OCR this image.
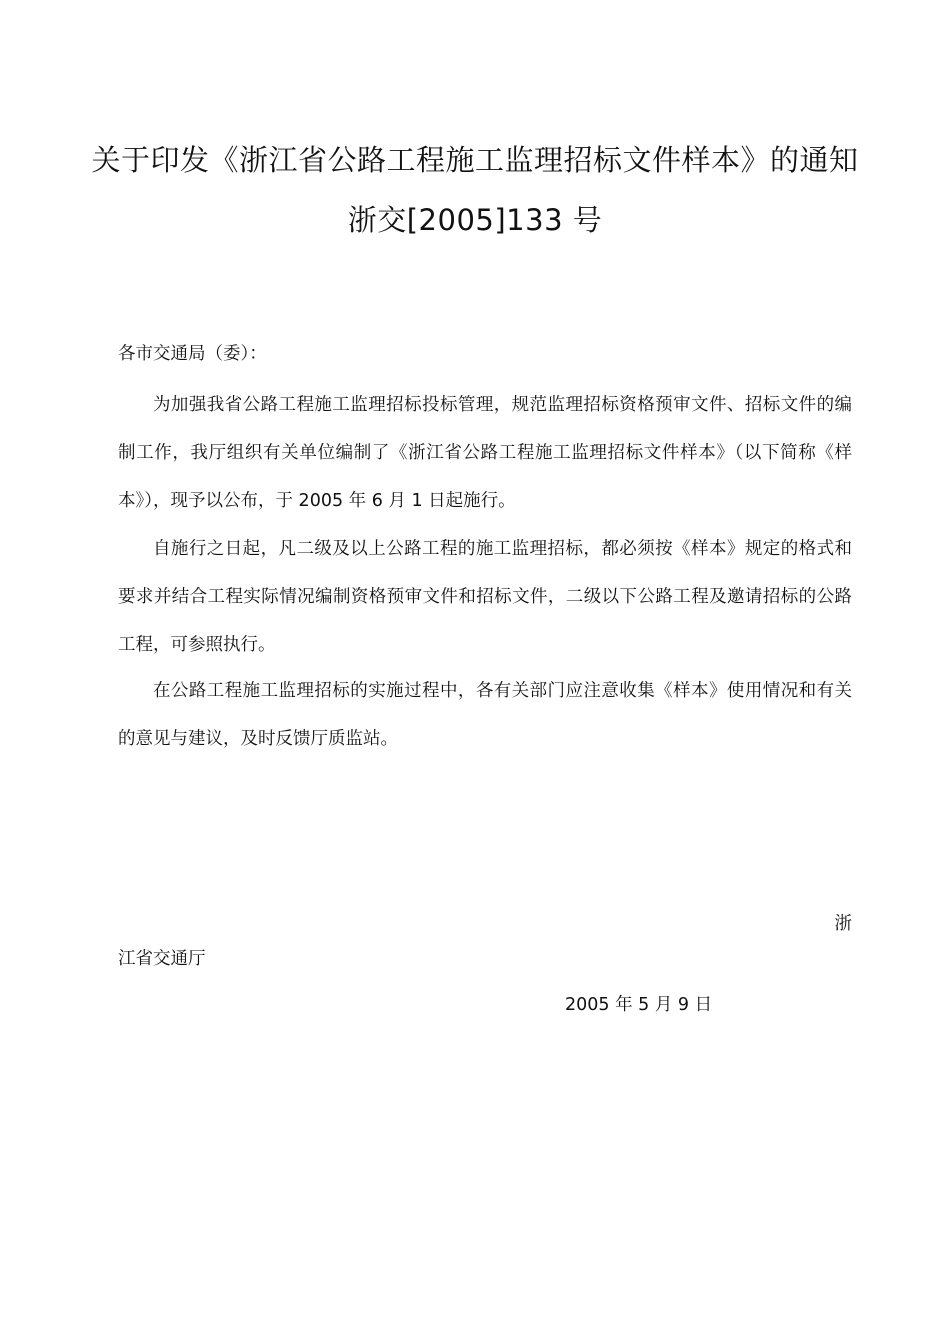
关于印发《浙江省公路工程施工监理招标文件样本》的通知
浙交[2005]133 号
各市交通局（委）：
为加强我省公路工程施工监理招标投标管理，规范监理招标资格预审文件、招标文件的编制工作，我厅组织有关单位编制了《浙江省公路工程施工监理招标文件样本》（以下简称《样本》），现予以公布，于 2005 年 6 月 1 日起施行。
自施行之日起，凡二级及以上公路工程的施工监理招标，都必须按《样本》规定的格式和要求并结合工程实际情况编制资格预审文件和招标文件，二级以下公路工程及邀请招标的公路工程，可参照执行。
在公路工程施工监理招标的实施过程中，各有关部门应注意收集《样本》使用情况和有关的意见与建议，及时反馈厅质监站。
浙
江省交通厅
2005 年 5 月 9 日
